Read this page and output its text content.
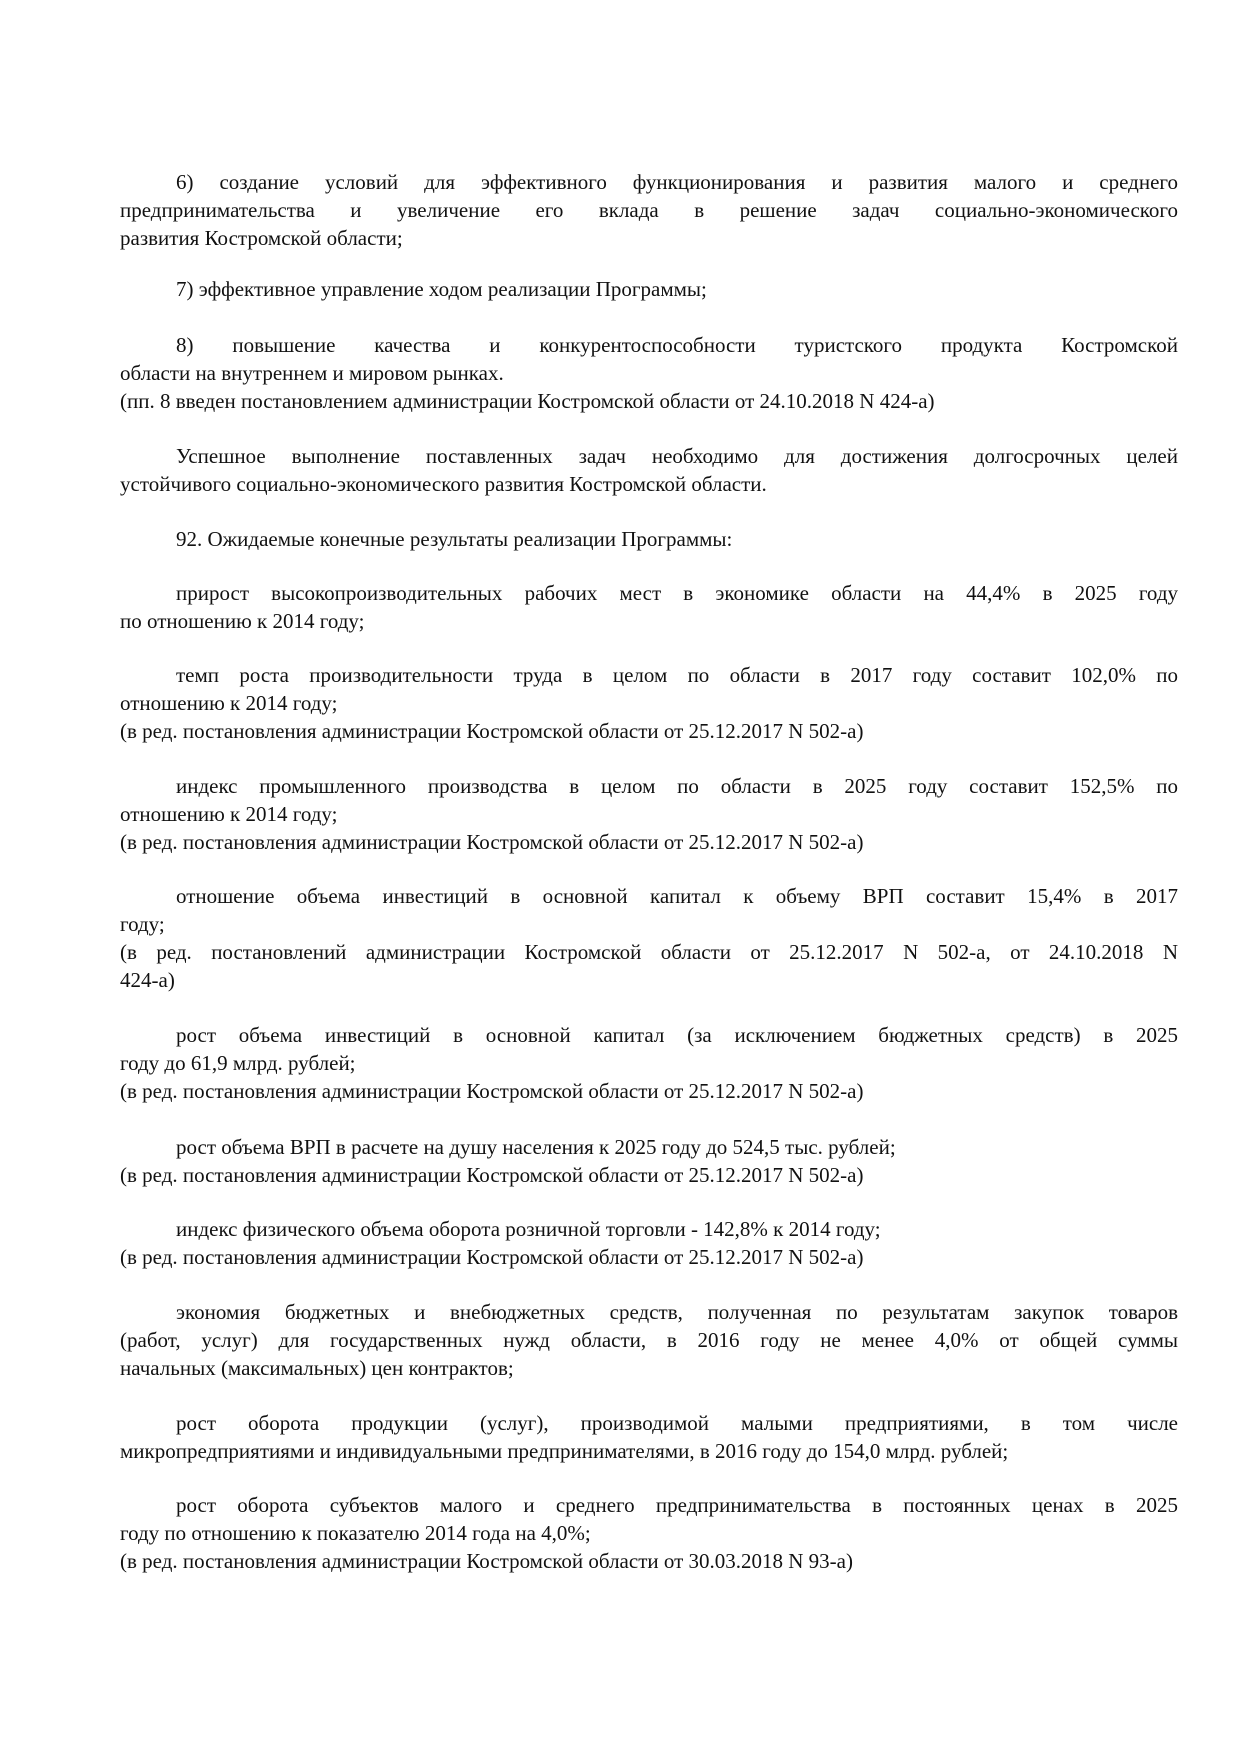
6) создание условий для эффективного функционирования и развития малого и среднего
предпринимательства и увеличение его вклада в решение задач социально-экономического
развития Костромской области;
7) эффективное управление ходом реализации Программы;
8) повышение качества и конкурентоспособности туристского продукта Костромской
области на внутреннем и мировом рынках.
(пп. 8 введен постановлением администрации Костромской области от 24.10.2018 N 424-а)
Успешное выполнение поставленных задач необходимо для достижения долгосрочных целей
устойчивого социально-экономического развития Костромской области.
92. Ожидаемые конечные результаты реализации Программы:
прирост высокопроизводительных рабочих мест в экономике области на 44,4% в 2025 году
по отношению к 2014 году;
темп роста производительности труда в целом по области в 2017 году составит 102,0% по
отношению к 2014 году;
(в ред. постановления администрации Костромской области от 25.12.2017 N 502-а)
индекс промышленного производства в целом по области в 2025 году составит 152,5% по
отношению к 2014 году;
(в ред. постановления администрации Костромской области от 25.12.2017 N 502-а)
отношение объема инвестиций в основной капитал к объему ВРП составит 15,4% в 2017
году;
(в ред. постановлений администрации Костромской области от 25.12.2017 N 502-а, от 24.10.2018 N
424-а)
рост объема инвестиций в основной капитал (за исключением бюджетных средств) в 2025
году до 61,9 млрд. рублей;
(в ред. постановления администрации Костромской области от 25.12.2017 N 502-а)
рост объема ВРП в расчете на душу населения к 2025 году до 524,5 тыс. рублей;
(в ред. постановления администрации Костромской области от 25.12.2017 N 502-а)
индекс физического объема оборота розничной торговли - 142,8% к 2014 году;
(в ред. постановления администрации Костромской области от 25.12.2017 N 502-а)
экономия бюджетных и внебюджетных средств, полученная по результатам закупок товаров
(работ, услуг) для государственных нужд области, в 2016 году не менее 4,0% от общей суммы
начальных (максимальных) цен контрактов;
рост оборота продукции (услуг), производимой малыми предприятиями, в том числе
микропредприятиями и индивидуальными предпринимателями, в 2016 году до 154,0 млрд. рублей;
рост оборота субъектов малого и среднего предпринимательства в постоянных ценах в 2025
году по отношению к показателю 2014 года на 4,0%;
(в ред. постановления администрации Костромской области от 30.03.2018 N 93-а)
